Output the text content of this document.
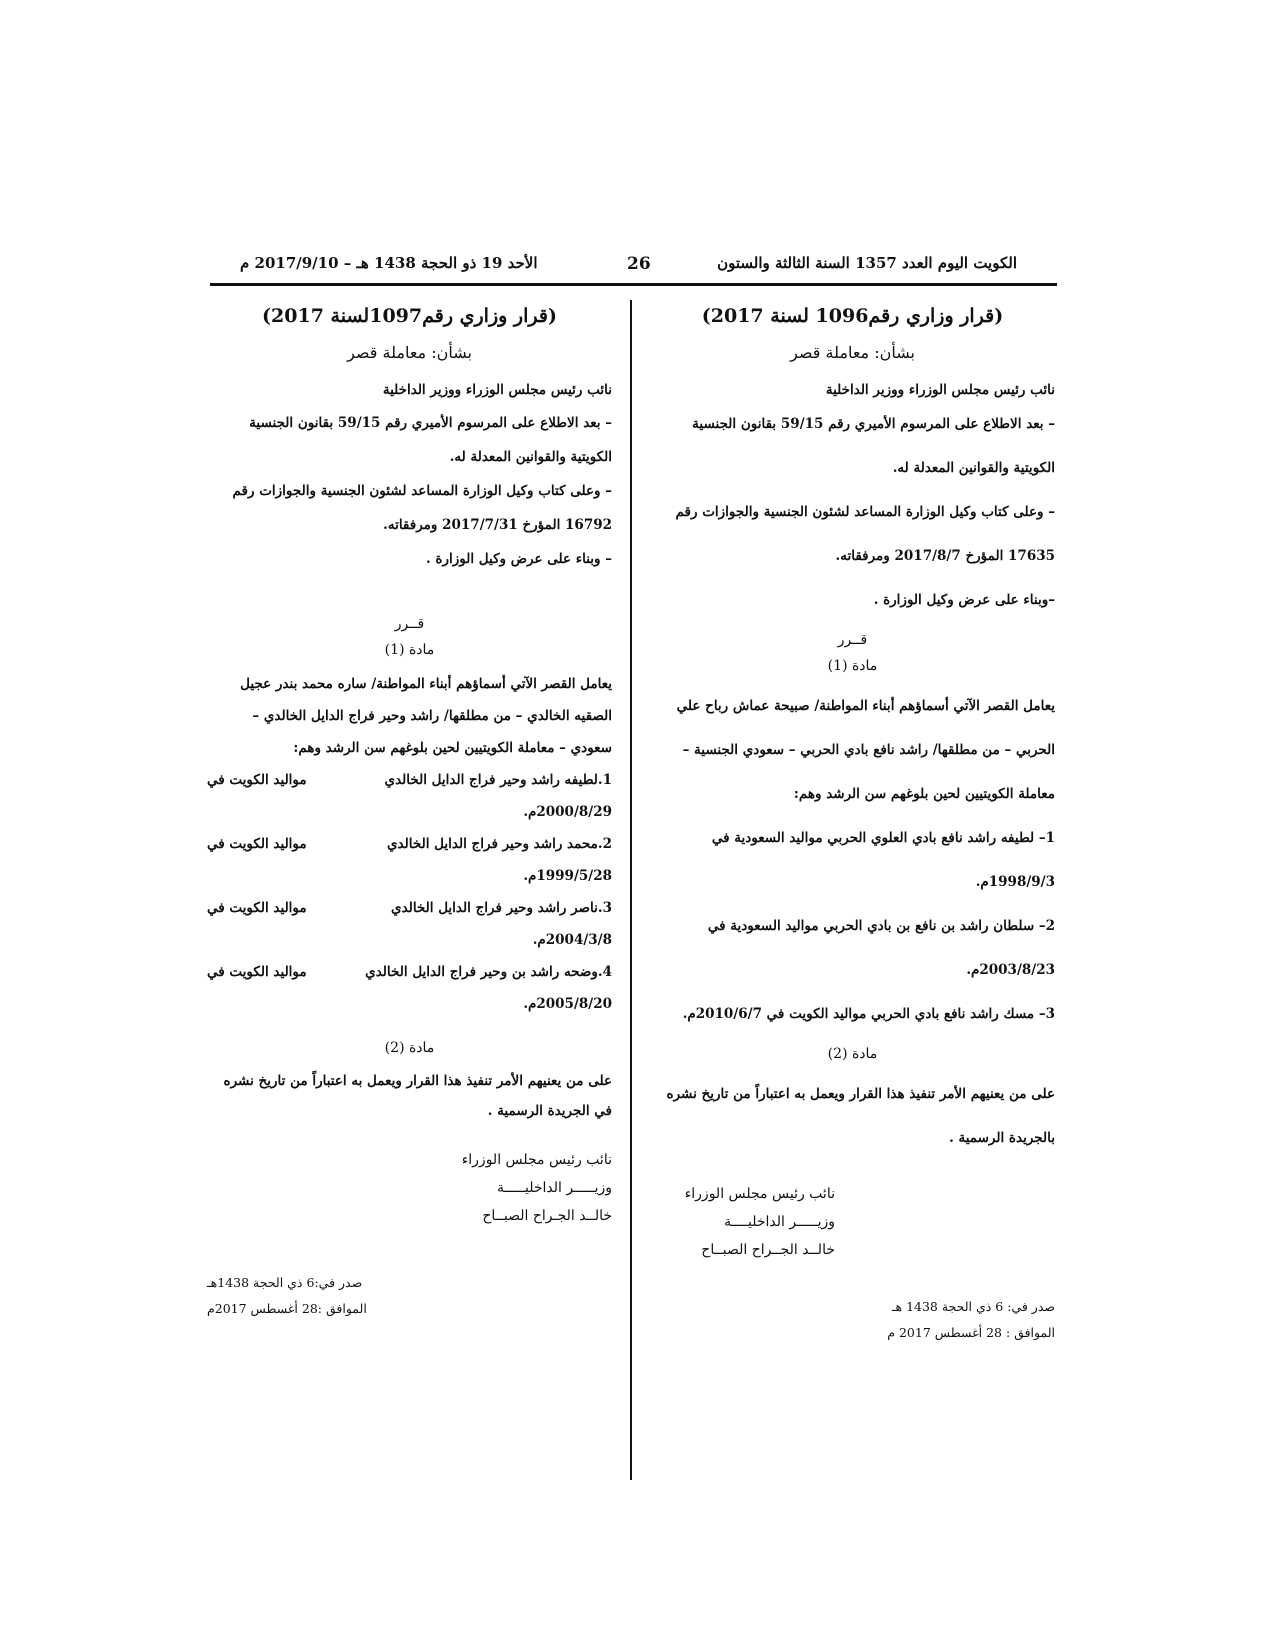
الكويت اليوم العدد 1357 السنة الثالثة والستون
26
الأحد 19 ذو الحجة 1438 هـ – 2017/9/10 م
(قرار وزاري رقم1096 لسنة 2017)
بشأن: معاملة قصر
نائب رئيس مجلس الوزراء ووزير الداخلية
– بعد الاطلاع على المرسوم الأميري رقم 59/15 بقانون الجنسية الكويتية والقوانين المعدلة له.
– وعلى كتاب وكيل الوزارة المساعد لشئون الجنسية والجوازات رقم 17635 المؤرخ 2017/8/7 ومرفقاته.
–وبناء على عرض وكيل الوزارة .
قــرر
مادة (1)
يعامل القصر الآتي أسماؤهم أبناء المواطنة/ صبيحة عماش رباح علي الحربي – من مطلقها/ راشد نافع بادي الحربي – سعودي الجنسية – معاملة الكويتيين لحين بلوغهم سن الرشد وهم:
1– لطيفه راشد نافع بادي العلوي الحربي مواليد السعودية في 1998/9/3م.
2– سلطان راشد بن نافع بن بادي الحربي مواليد السعودية في 2003/8/23م.
3– مسك راشد نافع بادي الحربي مواليد الكويت في 2010/6/7م.
مادة (2)
على من يعنيهم الأمر تنفيذ هذا القرار ويعمل به اعتباراً من تاريخ نشره بالجريدة الرسمية .
نائب رئيس مجلس الوزراء
وزيـــــر الداخليــــة
خالــد الجــراح الصبــاح
صدر في: 6 ذي الحجة 1438 هـ
الموافق : 28 أغسطس 2017 م
(قرار وزاري رقم1097لسنة 2017)
بشأن: معاملة قصر
نائب رئيس مجلس الوزراء ووزير الداخلية
– بعد الاطلاع على المرسوم الأميري رقم 59/15 بقانون الجنسية الكويتية والقوانين المعدلة له.
– وعلى كتاب وكيل الوزارة المساعد لشئون الجنسية والجوازات رقم 16792 المؤرخ 2017/7/31 ومرفقاته.
– وبناء على عرض وكيل الوزارة .
قــرر
مادة (1)
يعامل القصر الآتي أسماؤهم أبناء المواطنة/ ساره محمد بندر عجيل الصقيه الخالدي – من مطلقها/ راشد وحير فراج الدايل الخالدي – سعودي – معاملة الكويتيين لحين بلوغهم سن الرشد وهم:
1.لطيفه راشد وحير فراج الدايل الخالدي
مواليد الكويت في
2000/8/29م.
2.محمد راشد وحير فراج الدايل الخالدي
مواليد الكويت في
1999/5/28م.
3.ناصر راشد وحير فراج الدايل الخالدي
مواليد الكويت في
2004/3/8م.
4.وضحه راشد بن وحير فراج الدايل الخالدي
مواليد الكويت في
2005/8/20م.
مادة (2)
على من يعنيهم الأمر تنفيذ هذا القرار ويعمل به اعتباراً من تاريخ نشره في الجريدة الرسمية .
نائب رئيس مجلس الوزراء
وزيـــــر الداخليـــــة
خالــد الجـراح الصبــاح
صدر في:6 ذي الحجة 1438هـ
الموافق :28 أغسطس 2017م
